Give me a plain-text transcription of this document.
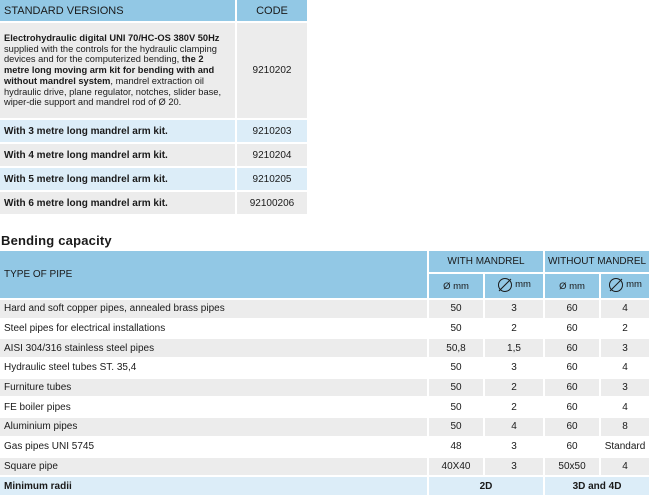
STANDARD VERSIONS	CODE
Electrohydraulic digital UNI 70/HC-OS 380V 50Hz supplied with the controls for the hydraulic clamping devices and for the computerized bending, the 2 metre long moving arm kit for bending with and without mandrel system, mandrel extraction oil hydraulic drive, plane regulator, notches, slider base, wiper-die support and mandrel rod of Ø 20.	9210202
With 3 metre long mandrel arm kit.	9210203
With 4 metre long mandrel arm kit.	9210204
With 5 metre long mandrel arm kit.	9210205
With 6 metre long mandrel arm kit.	92100206
Bending capacity
TYPE OF PIPE	WITH MANDREL		WITHOUT MANDREL	
	Ø mm	mm	Ø mm	mm

Hard and soft copper pipes, annealed brass pipes	50	3	60	4
Steel pipes for electrical installations	50	2	60	2
AISI 304/316 stainless steel pipes	50,8	1,5	60	3
Hydraulic steel tubes ST. 35,4	50	3	60	4
Furniture tubes	50	2	60	3
FE boiler pipes	50	2	60	4
Aluminium pipes	50	4	60	8
Gas pipes UNI 5745	48	3	60	Standard
Square pipe	40X40	3	50x50	4
Minimum radii	2D		3D and 4D	
